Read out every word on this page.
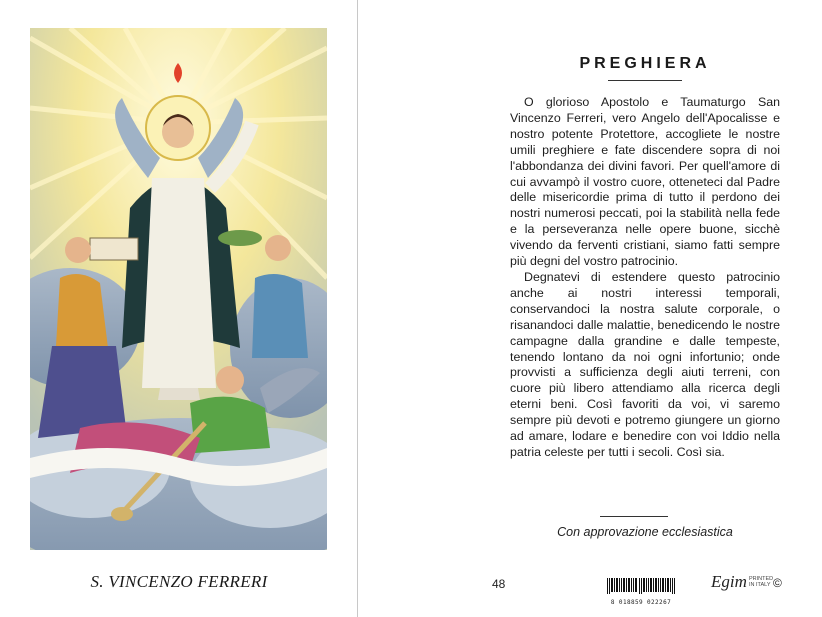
S. VINCENZO FERRERI
PREGHIERA

O glorioso Apostolo e Taumaturgo San Vincenzo Ferreri, vero Angelo dell'Apocalisse e nostro potente Protettore, accogliete le nostre umili preghiere e fate discendere sopra di noi l'abbondanza dei divini favori. Per quell'amore di cui avvampò il vostro cuore, otteneteci dal Padre delle misericordie prima di tutto il perdono dei nostri numerosi peccati, poi la stabilità nella fede e la perseveranza nelle opere buone, sicchè vivendo da ferventi cristiani, siamo fatti sempre più degni del vostro patrocinio.

Degnatevi di estendere questo patrocinio anche ai nostri interessi temporali, conservandoci la nostra salute corporale, o risanandoci dalle malattie, benedicendo le nostre campagne dalla grandine e dalle tempeste, tenendo lontano da noi ogni infortunio; onde provvisti a sufficienza degli aiuti terreni, con cuore più libero attendiamo alla ricerca degli eterni beni. Così favoriti da voi, vi saremo sempre più devoti e potremo giungere un giorno ad amare, lodare e benedire con voi Iddio nella patria celeste per tutti i secoli. Così sia.

Con approvazione ecclesiastica
48
8 018859 022267
Egim PRINTED IN ITALY ©
